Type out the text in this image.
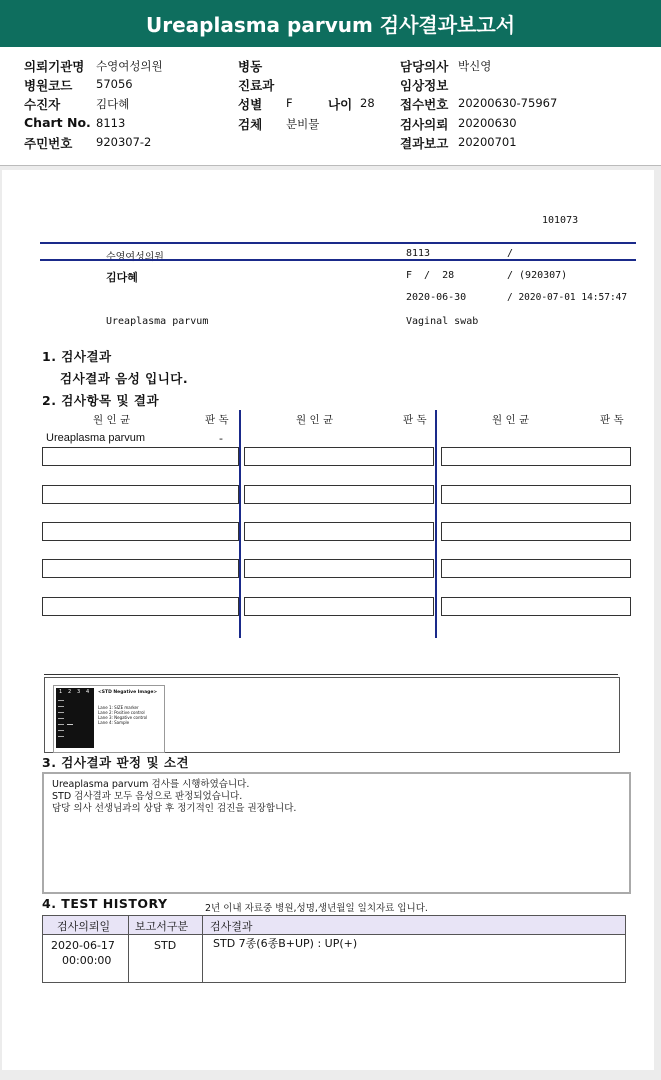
Ureaplasma parvum 검사결과보고서
의뢰기관명 수영여성의원
병원코드 57056
수진자	김다혜
Chart No. 8113
주민번호 920307-2
병동
진료과
성별 F	나이 28
검체 분비물
담당의사 박신영
임상정보
접수번호 20200630-75967
검사의뢰 20200630
결과보고 20200701
101073
수영여성의원	8113	/
김다혜	F  /  28	/ (920307)
2020-06-30	/ 2020-07-01 14:57:47
Ureaplasma parvum	Vaginal swab
1. 검사결과
검사결과 음성 입니다.
2. 검사항목 및 결과
원 인 균	판 독	원 인 균	판 독	원 인 균	판 독
Ureaplasma parvum	-
1 2 3 4 <STD Negative Image>
Lane 1: SIZE marker
Lane 2: Positive control
Lane 3: Negative control
Lane 4: Sample
3. 검사결과 판정 및 소견
Ureaplasma parvum 검사를 시행하였습니다.
STD 검사결과 모두 음성으로 판정되었습니다.
담당 의사 선생님과의 상담 후 정기적인 검진을 권장합니다.
4. TEST HISTORY	2년 이내 자료중 병원,성명,생년월일 일치자료 입니다.
검사의뢰일 보고서구분 검사결과
2020-06-17
00:00:00
STD	STD 7종(6종B+UP) : UP(+)
